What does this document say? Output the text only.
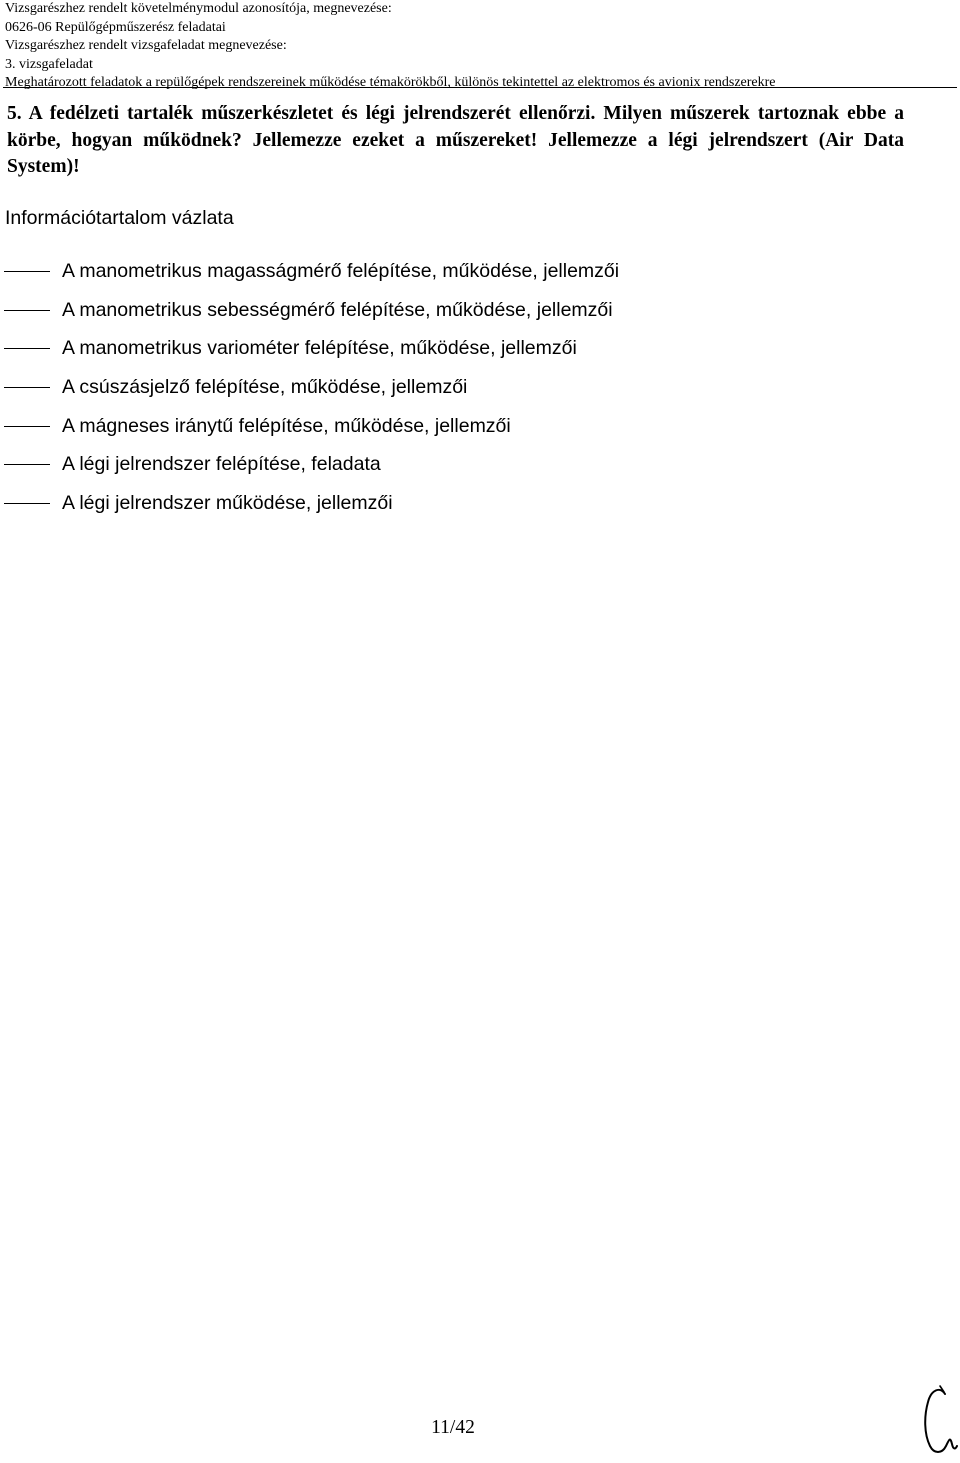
Vizsgarészhez rendelt követelménymodul azonosítója, megnevezése:
0626-06 Repülőgépműszerész feladatai
Vizsgarészhez rendelt vizsgafeladat megnevezése:
3. vizsgafeladat
Meghatározott feladatok a repülőgépek rendszereinek működése témakörökből, különös tekintettel az elektromos és avionix rendszerekre
5. A fedélzeti tartalék műszerkészletet és légi jelrendszerét ellenőrzi. Milyen műszerek tartoznak ebbe a körbe, hogyan működnek? Jellemezze ezeket a műszereket! Jellemezze a légi jelrendszert (Air Data System)!
Információtartalom vázlata
A manometrikus magasságmérő felépítése, működése, jellemzői
A manometrikus sebességmérő felépítése, működése, jellemzői
A manometrikus variométer felépítése, működése, jellemzői
A csúszásjelző felépítése, működése, jellemzői
A mágneses iránytű felépítése, működése, jellemzői
A légi jelrendszer felépítése, feladata
A légi jelrendszer működése, jellemzői
11/42
